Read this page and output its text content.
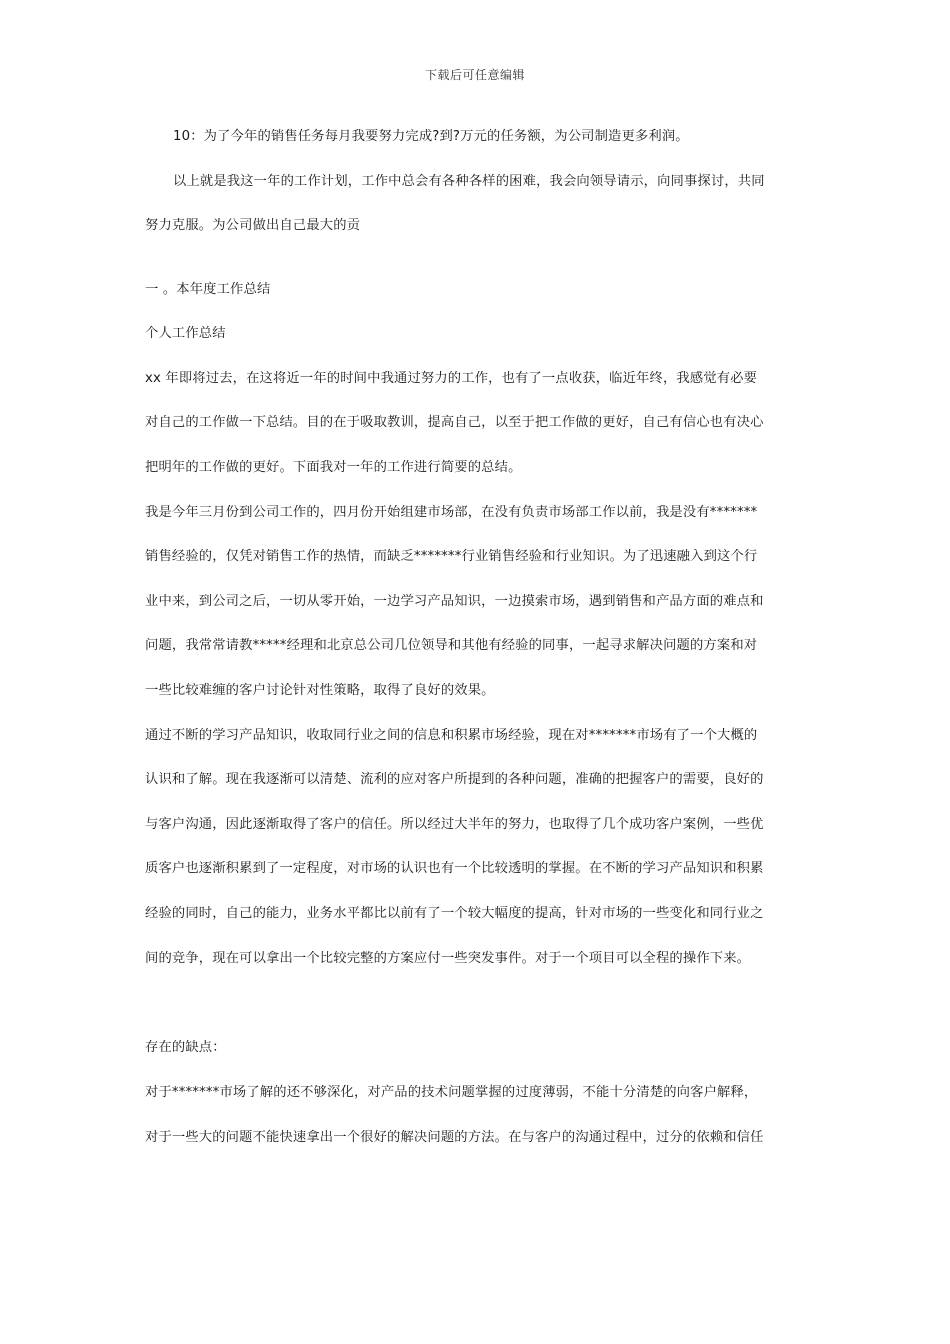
下载后可任意编辑
10：为了今年的销售任务每月我要努力完成?到?万元的任务额，为公司制造更多利润。
以上就是我这一年的工作计划，工作中总会有各种各样的困难，我会向领导请示，向同事探讨，共同
努力克服。为公司做出自己最大的贡
一 。本年度工作总结
个人工作总结
xx 年即将过去，在这将近一年的时间中我通过努力的工作，也有了一点收获，临近年终，我感觉有必要
对自己的工作做一下总结。目的在于吸取教训，提高自己，以至于把工作做的更好，自己有信心也有决心
把明年的工作做的更好。下面我对一年的工作进行简要的总结。
我是今年三月份到公司工作的，四月份开始组建市场部，在没有负责市场部工作以前，我是没有*******
销售经验的，仅凭对销售工作的热情，而缺乏*******行业销售经验和行业知识。为了迅速融入到这个行
业中来，到公司之后，一切从零开始，一边学习产品知识，一边摸索市场，遇到销售和产品方面的难点和
问题，我常常请教*****经理和北京总公司几位领导和其他有经验的同事，一起寻求解决问题的方案和对
一些比较难缠的客户讨论针对性策略，取得了良好的效果。
通过不断的学习产品知识，收取同行业之间的信息和积累市场经验，现在对*******市场有了一个大概的
认识和了解。现在我逐渐可以清楚、流利的应对客户所提到的各种问题，准确的把握客户的需要，良好的
与客户沟通，因此逐渐取得了客户的信任。所以经过大半年的努力，也取得了几个成功客户案例，一些优
质客户也逐渐积累到了一定程度，对市场的认识也有一个比较透明的掌握。在不断的学习产品知识和积累
经验的同时，自己的能力，业务水平都比以前有了一个较大幅度的提高，针对市场的一些变化和同行业之
间的竞争，现在可以拿出一个比较完整的方案应付一些突发事件。对于一个项目可以全程的操作下来。
存在的缺点：
对于*******市场了解的还不够深化，对产品的技术问题掌握的过度薄弱，不能十分清楚的向客户解释，
对于一些大的问题不能快速拿出一个很好的解决问题的方法。在与客户的沟通过程中，过分的依赖和信任
